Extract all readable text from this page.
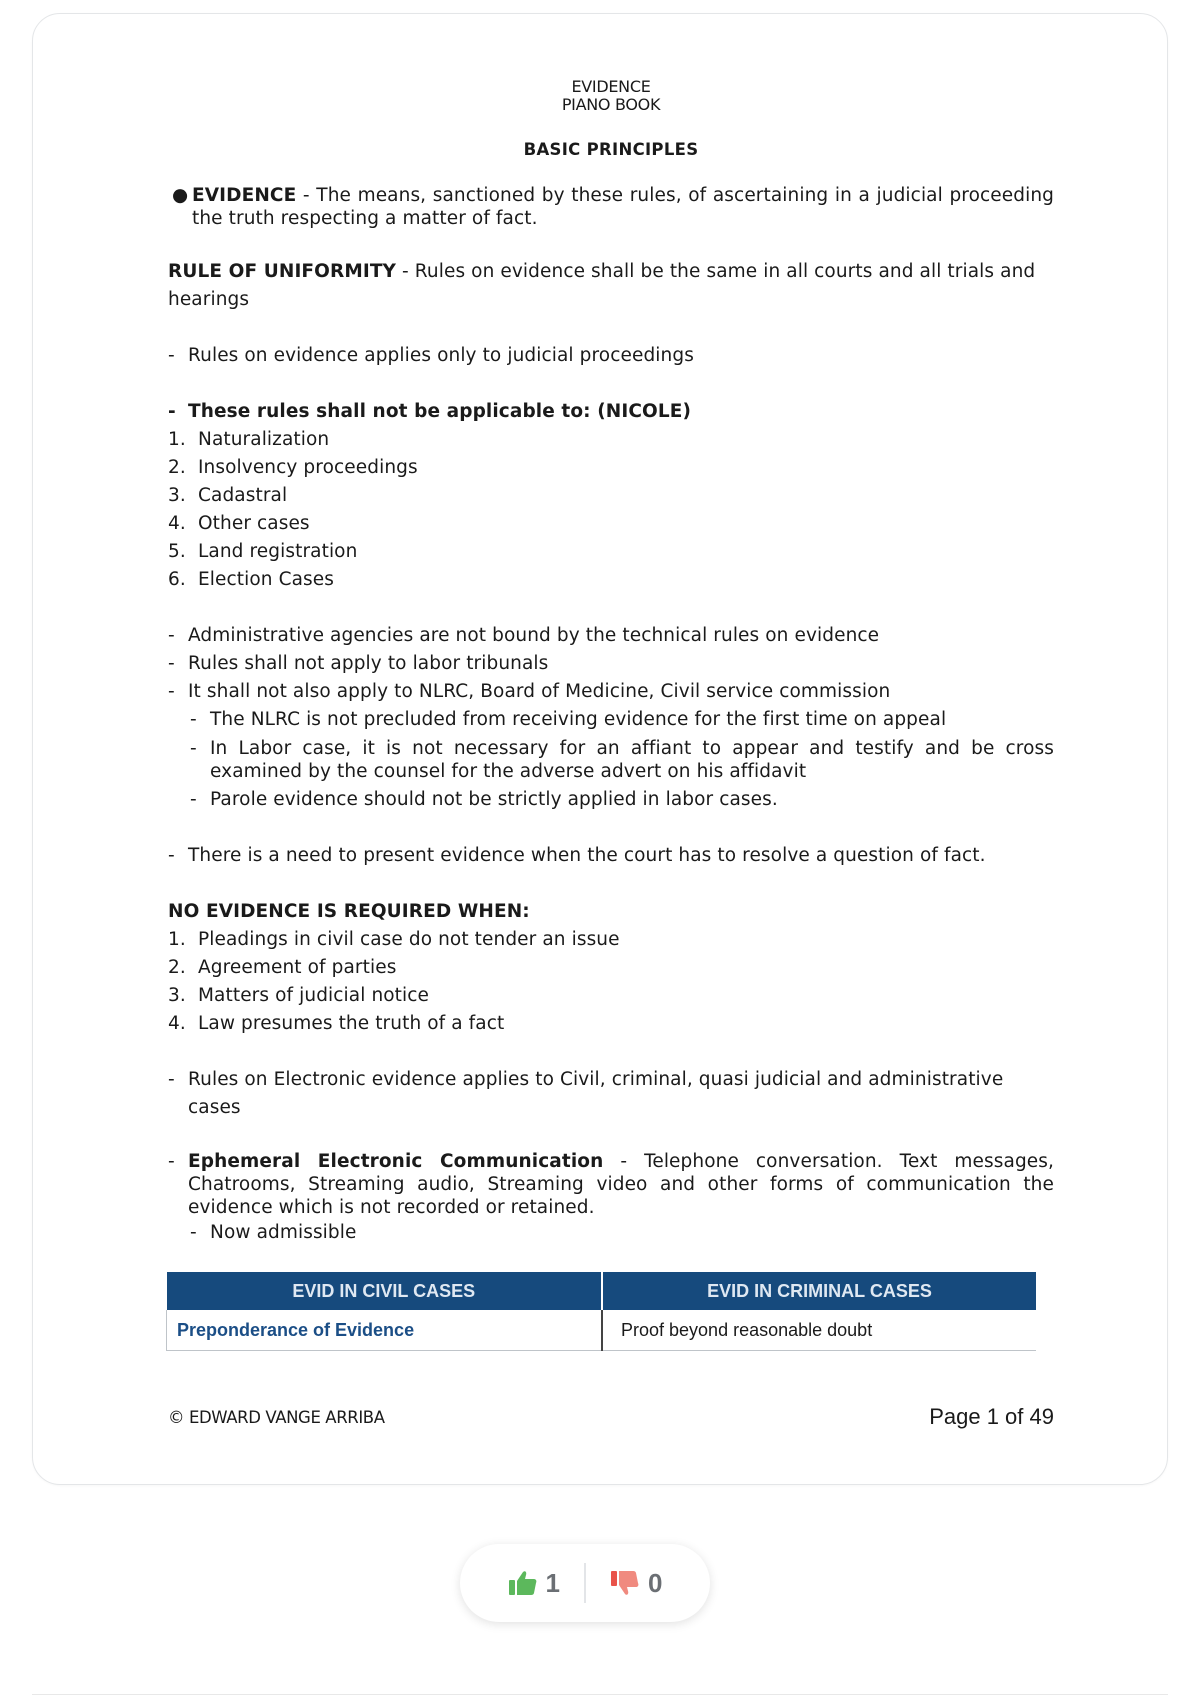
EVIDENCE
PIANO BOOK
BASIC PRINCIPLES
● EVIDENCE - The means, sanctioned by these rules, of ascertaining in a judicial proceeding the truth respecting a matter of fact.

RULE OF UNIFORMITY - Rules on evidence shall be the same in all courts and all trials and hearings

- Rules on evidence applies only to judicial proceedings
- These rules shall not be applicable to: (NICOLE)
1. Naturalization
2. Insolvency proceedings
3. Cadastral
4. Other cases
5. Land registration
6. Election Cases
- Administrative agencies are not bound by the technical rules on evidence
- Rules shall not apply to labor tribunals
- It shall not also apply to NLRC, Board of Medicine, Civil service commission
- The NLRC is not precluded from receiving evidence for the first time on appeal
- In Labor case, it is not necessary for an affiant to appear and testify and be cross examined by the counsel for the adverse advert on his affidavit
- Parole evidence should not be strictly applied in labor cases.
- There is a need to present evidence when the court has to resolve a question of fact.

NO EVIDENCE IS REQUIRED WHEN:

1. Pleadings in civil case do not tender an issue
2. Agreement of parties
3. Matters of judicial notice
4. Law presumes the truth of a fact
- Rules on Electronic evidence applies to Civil, criminal, quasi judicial and administrative cases
- Ephemeral Electronic Communication - Telephone conversation. Text messages, Chatrooms, Streaming audio, Streaming video and other forms of communication the evidence which is not recorded or retained.
- Now admissible
EVID IN CIVIL CASES	EVID IN CRIMINAL CASES
Preponderance of Evidence	Proof beyond reasonable doubt
© EDWARD VANGE ARRIBA	Page 1 of 49
1	0
